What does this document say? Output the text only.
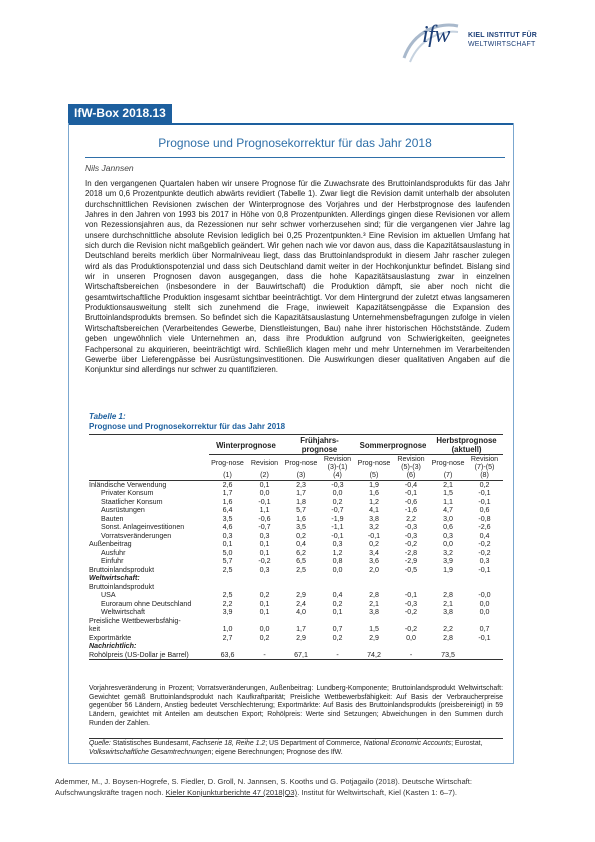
ifw	KIEL INSTITUT FÜR
WELTWIRTSCHAFT
IfW-Box 2018.13
Prognose und Prognosekorrektur für das Jahr 2018
Nils Jannsen

In den vergangenen Quartalen haben wir unsere Prognose für die Zuwachsrate des Bruttoinlandsprodukts für das Jahr 2018 um 0,6 Prozentpunkte deutlich abwärts revidiert (Tabelle 1). Zwar liegt die Revision damit unterhalb der absoluten durchschnittlichen Revisionen zwischen der Winterprognose des Vorjahres und der Herbstprognose des laufenden Jahres in den Jahren von 1993 bis 2017 in Höhe von 0,8 Prozentpunkten. Allerdings gingen diese Revisionen vor allem von Rezessionsjahren aus, da Rezessionen nur sehr schwer vorherzusehen sind; für die vergangenen vier Jahre lag unsere durchschnittliche absolute Revision lediglich bei 0,25 Prozentpunkten.³ Eine Revision im aktuellen Umfang hat sich durch die Revision nicht maßgeblich geändert. Wir gehen nach wie vor davon aus, dass die Kapazitätsauslastung in Deutschland bereits merklich über Normalniveau liegt, dass das Bruttoinlandsprodukt in diesem Jahr rascher zulegen wird als das Produktionspotenzial und dass sich Deutschland damit weiter in der Hochkonjunktur befindet. Bislang sind wir in unseren Prognosen davon ausgegangen, dass die hohe Kapazitätsauslastung zwar in einzelnen Wirtschaftsbereichen (insbesondere in der Bauwirtschaft) die Produktion dämpft, sie aber noch nicht die gesamtwirtschaftliche Produktion insgesamt sichtbar beeinträchtigt. Vor dem Hintergrund der zuletzt etwas langsameren Produktionsausweitung stellt sich zunehmend die Frage, inwieweit Kapazitätsengpässe die Expansion des Bruttoinlandsprodukts bremsen. So befindet sich die Kapazitätsauslastung Unternehmensbefragungen zufolge in vielen Wirtschaftsbereichen (Verarbeitendes Gewerbe, Dienstleistungen, Bau) nahe ihrer historischen Höchststände. Zudem geben ungewöhnlich viele Unternehmen an, dass ihre Produktion aufgrund von Schwierigkeiten, geeignetes Fachpersonal zu akquirieren, beeinträchtigt wird. Schließlich klagen mehr und mehr Unternehmen im Verarbeitenden Gewerbe über Lieferengpässe bei Ausrüstungsinvestitionen. Die Auswirkungen dieser qualitativen Angaben auf die Konjunktur sind allerdings nur schwer zu quantifizieren.

Tabelle 1:
Prognose und Prognosekorrektur für das Jahr 2018
	Winterprognose		Frühjahrs-prognose		Sommerprognose		Herbstprognose (aktuell)	
	Prog-nose	Revision	Prog-nose	Revision (3)-(1)	Prog-nose	Revision (5)-(3)	Prog-nose	Revision (7)-(5)
	(1)	(2)	(3)	(4)	(5)	(6)	(7)	(8)
Inländische Verwendung	2,6	0,1	2,3	-0,3	1,9	-0,4	2,1	0,2
Privater Konsum	1,7	0,0	1,7	0,0	1,6	-0,1	1,5	-0,1
Staatlicher Konsum	1,6	-0,1	1,8	0,2	1,2	-0,6	1,1	-0,1
Ausrüstungen	6,4	1,1	5,7	-0,7	4,1	-1,6	4,7	0,6
Bauten	3,5	-0,6	1,6	-1,9	3,8	2,2	3,0	-0,8
Sonst. Anlageinvestitionen	4,6	-0,7	3,5	-1,1	3,2	-0,3	0,6	-2,6
Vorratsveränderungen	0,3	0,3	0,2	-0,1	-0,1	-0,3	0,3	0,4
Außenbeitrag	0,1	0,1	0,4	0,3	0,2	-0,2	0,0	-0,2
Ausfuhr	5,0	0,1	6,2	1,2	3,4	-2,8	3,2	-0,2
Einfuhr	5,7	-0,2	6,5	0,8	3,6	-2,9	3,9	0,3
Bruttoinlandsprodukt	2,5	0,3	2,5	0,0	2,0	-0,5	1,9	-0,1
Weltwirtschaft:								
Bruttoinlandsprodukt								
USA	2,5	0,2	2,9	0,4	2,8	-0,1	2,8	-0,0
Euroraum ohne Deutschland	2,2	0,1	2,4	0,2	2,1	-0,3	2,1	0,0
Weltwirtschaft	3,9	0,1	4,0	0,1	3,8	-0,2	3,8	0,0
Preisliche Wettbewerbsfähig-								
keit	1,0	0,0	1,7	0,7	1,5	-0,2	2,2	0,7
Exportmärkte	2,7	0,2	2,9	0,2	2,9	0,0	2,8	-0,1
Nachrichtlich:								
Rohölpreis (US-Dollar je Barrel)	63,6	-	67,1	-	74,2	-	73,5	

Vorjahresveränderung in Prozent; Vorratsveränderungen, Außenbeitrag: Lundberg-Komponente; Bruttoinlandsprodukt Weltwirtschaft: Gewichtet gemäß Bruttoinlandsprodukt nach Kaufkraftparität; Preisliche Wettbewerbsfähigkeit: Auf Basis der Verbraucherpreise gegenüber 56 Ländern, Anstieg bedeutet Verschlechterung; Exportmärkte: Auf Basis des Bruttoinlandsprodukts (preisbereinigt) in 59 Ländern, gewichtet mit Anteilen am deutschen Export; Rohölpreis: Werte sind Setzungen; Abweichungen in den Summen durch Runden der Zahlen.

Quelle: Statistisches Bundesamt, Fachserie 18, Reihe 1.2; US Department of Commerce, National Economic Accounts; Eurostat, Volkswirtschaftliche Gesamtrechnungen; eigene Berechnungen; Prognose des IfW.

Ademmer, M., J. Boysen-Hogrefe, S. Fiedler, D. Groll, N. Jannsen, S. Kooths und G. Potjagailo (2018). Deutsche Wirtschaft: Aufschwungskräfte tragen noch. Kieler Konjunkturberichte 47 (2018|Q3). Institut für Weltwirtschaft, Kiel (Kasten 1: 6–7).
